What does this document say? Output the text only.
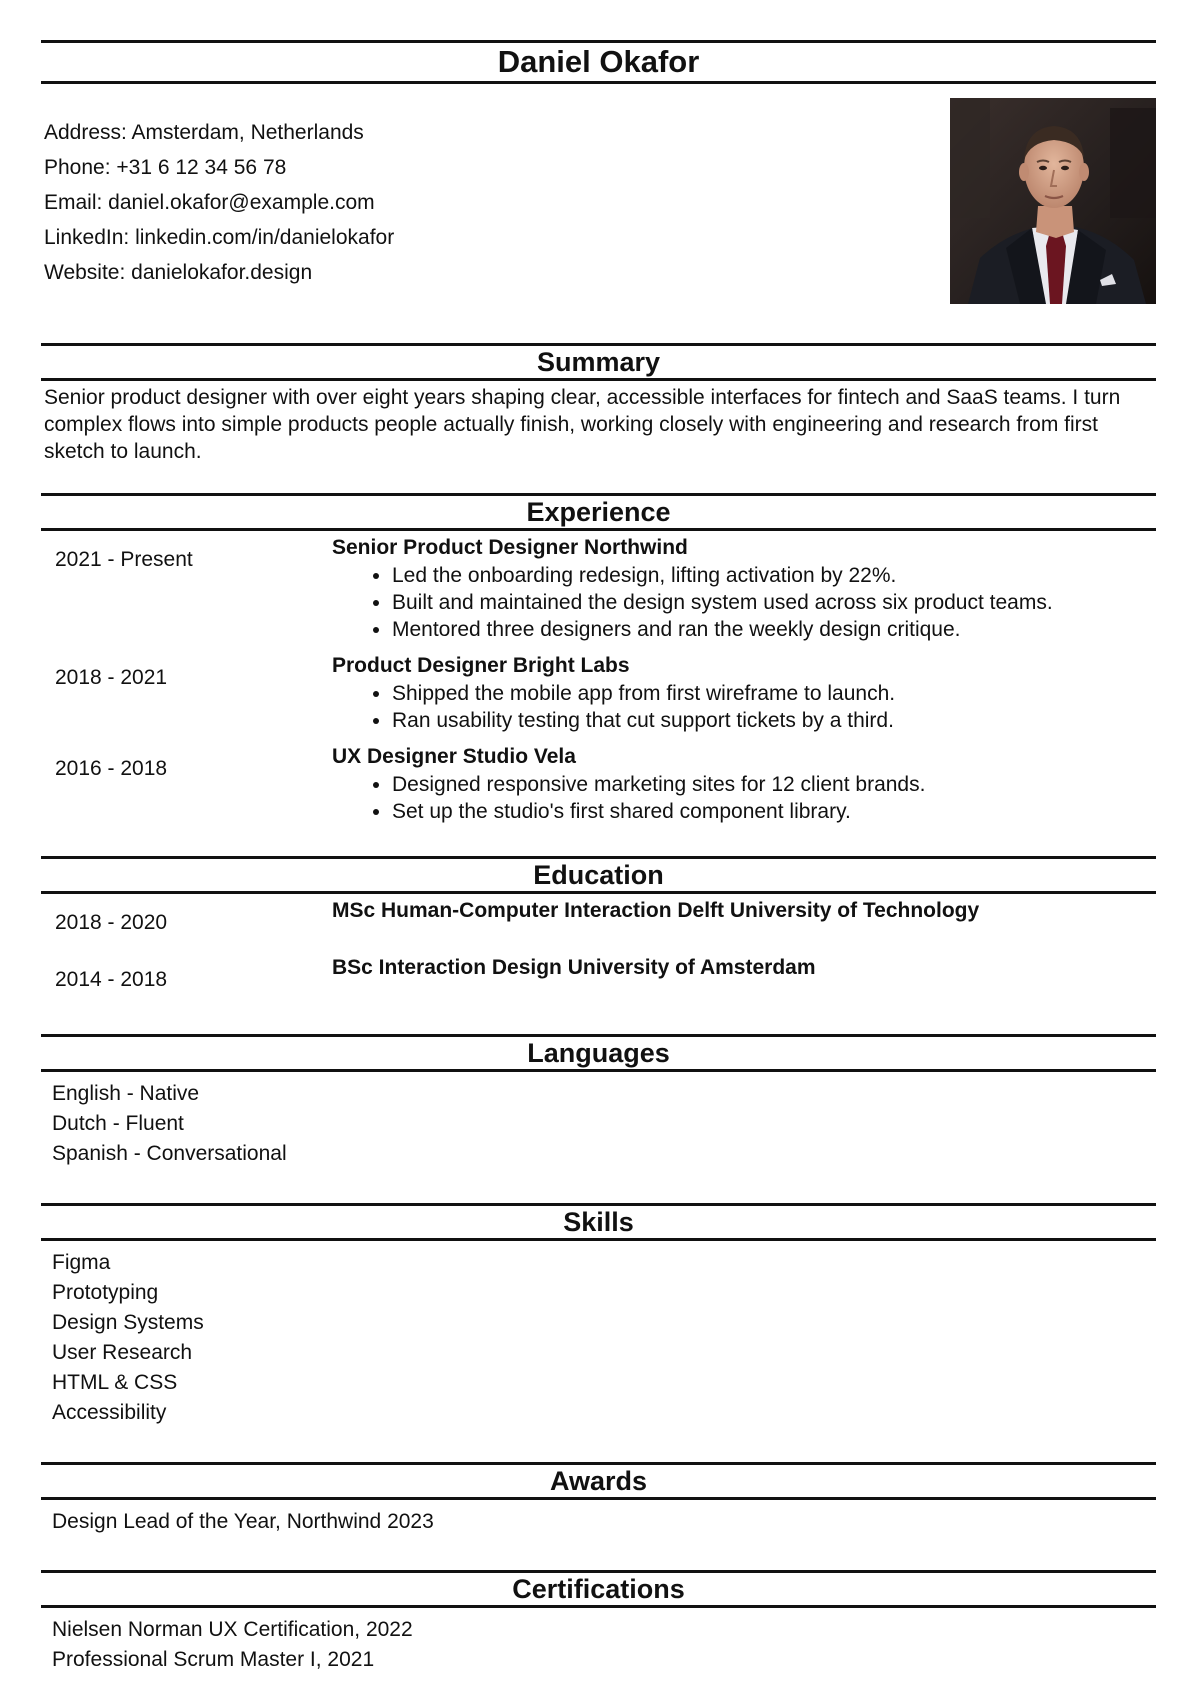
Daniel Okafor
Address: Amsterdam, Netherlands
Phone: +31 6 12 34 56 78
Email: daniel.okafor@example.com
LinkedIn: linkedin.com/in/danielokafor
Website: danielokafor.design
Summary
Senior product designer with over eight years shaping clear, accessible interfaces for fintech and SaaS teams. I turn complex flows into simple products people actually finish, working closely with engineering and research from first sketch to launch.
Experience
2021 - Present
Senior Product Designer Northwind
• Led the onboarding redesign, lifting activation by 22%.
• Built and maintained the design system used across six product teams.
• Mentored three designers and ran the weekly design critique.
2018 - 2021
Product Designer Bright Labs
• Shipped the mobile app from first wireframe to launch.
• Ran usability testing that cut support tickets by a third.
2016 - 2018
UX Designer Studio Vela
• Designed responsive marketing sites for 12 client brands.
• Set up the studio's first shared component library.
Education
2018 - 2020
MSc Human-Computer Interaction Delft University of Technology
2014 - 2018
BSc Interaction Design University of Amsterdam
Languages
English - Native
Dutch - Fluent
Spanish - Conversational
Skills
Figma
Prototyping
Design Systems
User Research
HTML & CSS
Accessibility
Awards
Design Lead of the Year, Northwind 2023
Certifications
Nielsen Norman UX Certification, 2022
Professional Scrum Master I, 2021
